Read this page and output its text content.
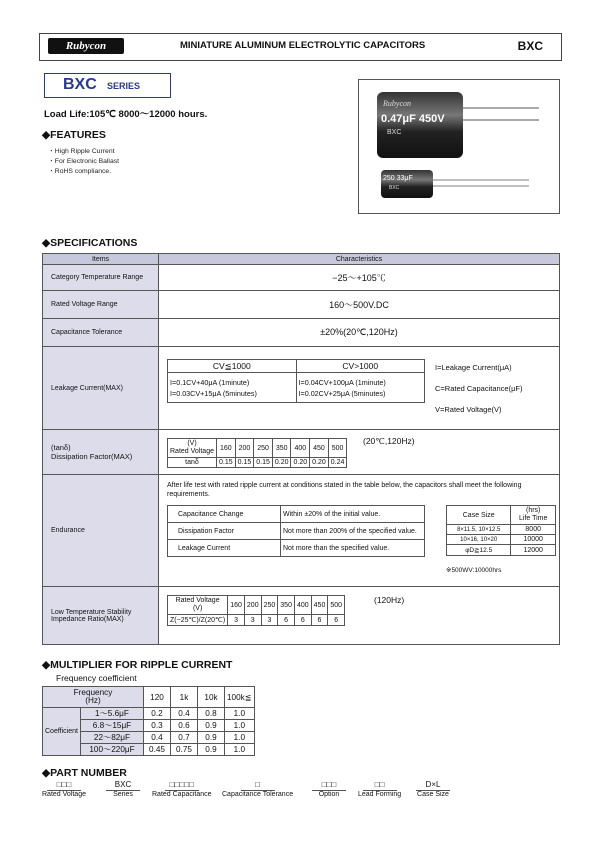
Rubycon	MINIATURE ALUMINUM ELECTROLYTIC CAPACITORS	BXC
BXC SERIES
Load Life:105℃ 8000〜12000 hours.
◆FEATURES
・High Ripple Current
・For Electronic Ballast
・RoHS compliance.
Rubycon
0.47μF 450V
BXC
250 33μF
BXC
◆SPECIFICATIONS
Items	Characteristics
Category Temperature Range	−25〜+105℃
Rated Voltage Range	160〜500V.DC
Capacitance Tolerance	±20%(20℃,120Hz)
Leakage Current(MAX)	
CV≦1000	CV>1000

I=0.1CV+40μA (1minute)
I=0.03CV+15μA (5minutes)

I=0.04CV+100μA (1minute)
I=0.02CV+25μA (5minutes)
I=Leakage Current(μA)
C=Rated Capacitance(μF)
V=Rated Voltage(V)

(tanδ)
Dissipation Factor(MAX)

(V)
Rated Voltage	160	200	250	350	400	450	500
tanδ	0.15	0.15	0.15	0.20	0.20	0.20	0.24
(20℃,120Hz)

Endurance	
After life test with rated ripple current at conditions stated in the table below, the capacitors shall meet the following requirements.
Capacitance Change	Within ±20% of the initial value.
Dissipation Factor	Not more than 200% of the specified value.
Leakage Current	Not more than the specified value.
Case Size	
(hrs)
Life Time

8×11.5, 10×12.5	8000
10×16, 10×20	10000
φD≧12.5	12000
※500WV:10000hrs

Low Temperature Stability
Impedance Ratio(MAX)

Rated Voltage
(V)	160	200	250	350	400	450	500
Z(−25℃)/Z(20℃)	3	3	3	6	6	6	6
(120Hz)
◆MULTIPLIER FOR RIPPLE CURRENT
Frequency coefficient
Frequency
(Hz)		120	1k	10k	100k≦
Coefficient	1〜5.6μF	0.2	0.4	0.8	1.0
	6.8〜15μF	0.3	0.6	0.9	1.0
	22〜82μF	0.4	0.7	0.9	1.0
	100〜220μF	0.45	0.75	0.9	1.0
◆PART NUMBER
□□□
Rated Voltage
BXC
Series
□□□□□
Rated Capacitance
□
Capacitance Tolerance
□□□
Option
□□
Lead Forming
D×L
Case Size
